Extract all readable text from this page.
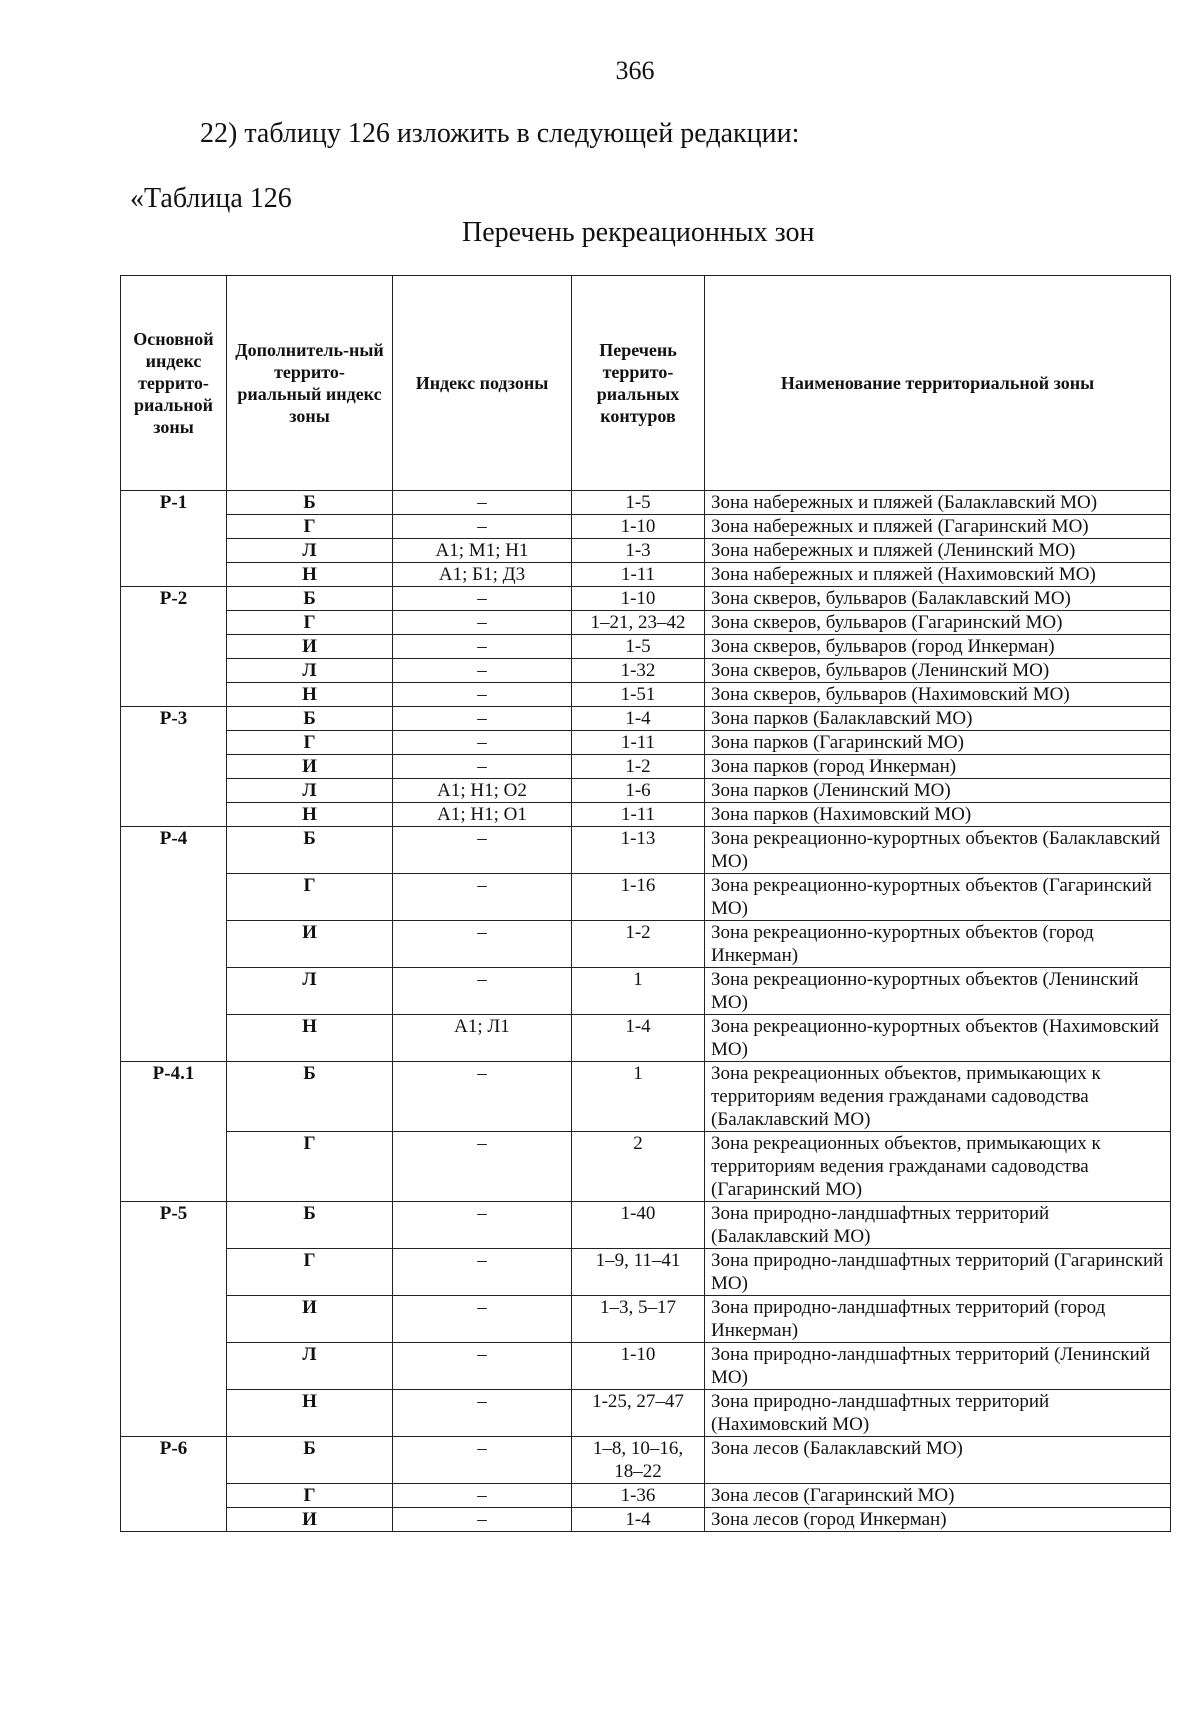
366
22) таблицу 126 изложить в следующей редакции:
«Таблица 126
Перечень рекреационных зон
Основной индекс террито-риальной зоны	Дополнитель-ный террито-риальный индекс зоны	Индекс подзоны	Перечень террито-риальных контуров	Наименование территориальной зоны
Р-1	Б	–	1-5	Зона набережных и пляжей (Балаклавский МО)
	Г	–	1-10	Зона набережных и пляжей (Гагаринский МО)
	Л	А1; М1; Н1	1-3	Зона набережных и пляжей (Ленинский МО)
	Н	А1; Б1; Д3	1-11	Зона набережных и пляжей (Нахимовский МО)
Р-2	Б	–	1-10	Зона скверов, бульваров (Балаклавский МО)
	Г	–	1–21, 23–42	Зона скверов, бульваров (Гагаринский МО)
	И	–	1-5	Зона скверов, бульваров (город Инкерман)
	Л	–	1-32	Зона скверов, бульваров (Ленинский МО)
	Н	–	1-51	Зона скверов, бульваров (Нахимовский МО)
Р-3	Б	–	1-4	Зона парков (Балаклавский МО)
	Г	–	1-11	Зона парков (Гагаринский МО)
	И	–	1-2	Зона парков (город Инкерман)
	Л	А1; Н1; О2	1-6	Зона парков (Ленинский МО)
	Н	А1; Н1; О1	1-11	Зона парков (Нахимовский МО)
Р-4	Б	–	1-13	Зона рекреационно-курортных объектов (Балаклавский МО)
	Г	–	1-16	Зона рекреационно-курортных объектов (Гагаринский МО)
	И	–	1-2	Зона рекреационно-курортных объектов (город Инкерман)
	Л	–	1	Зона рекреационно-курортных объектов (Ленинский МО)
	Н	А1; Л1	1-4	Зона рекреационно-курортных объектов (Нахимовский МО)
Р-4.1	Б	–	1	Зона рекреационных объектов, примыкающих к территориям ведения гражданами садоводства (Балаклавский МО)
	Г	–	2	Зона рекреационных объектов, примыкающих к территориям ведения гражданами садоводства (Гагаринский МО)
Р-5	Б	–	1-40	Зона природно-ландшафтных территорий (Балаклавский МО)
	Г	–	1–9, 11–41	Зона природно-ландшафтных территорий (Гагаринский МО)
	И	–	1–3, 5–17	Зона природно-ландшафтных территорий (город Инкерман)
	Л	–	1-10	Зона природно-ландшафтных территорий (Ленинский МО)
	Н	–	1-25, 27–47	Зона природно-ландшафтных территорий (Нахимовский МО)
Р-6	Б	–	1–8, 10–16, 18–22	Зона лесов (Балаклавский МО)
	Г	–	1-36	Зона лесов (Гагаринский МО)
	И	–	1-4	Зона лесов (город Инкерман)
